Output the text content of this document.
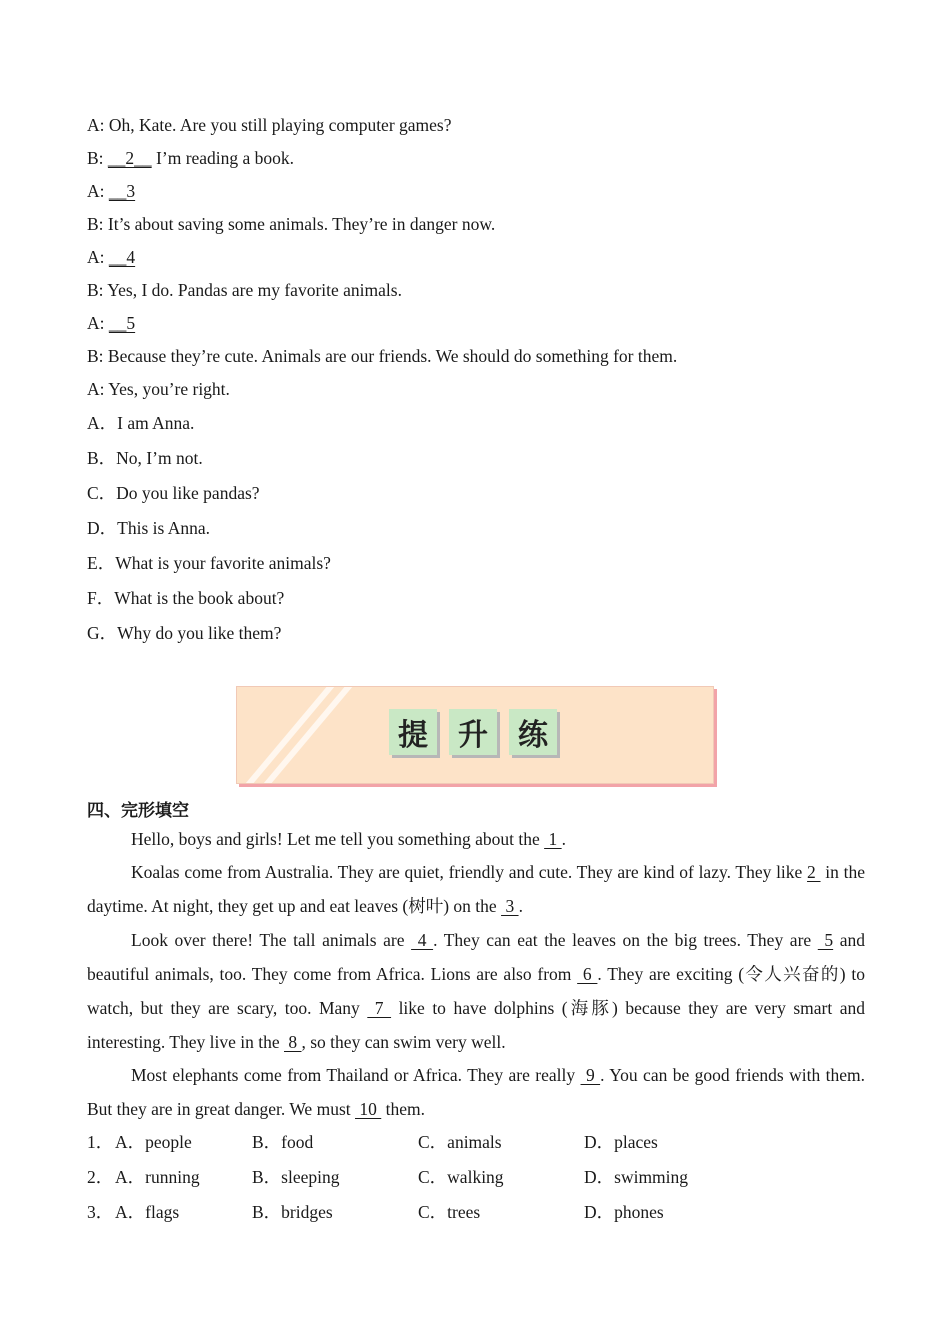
A: Oh, Kate. Are you still playing computer games?
B: __2__ I’m reading a book.
A: __3
B: It’s about saving some animals. They’re in danger now.
A: __4
B: Yes, I do. Pandas are my favorite animals.
A: __5
B: Because they’re cute. Animals are our friends. We should do something for them.
A: Yes, you’re right.
A．I am Anna.
B．No, I’m not.
C．Do you like pandas?
D．This is Anna.
E．What is your favorite animals?
F．What is the book about?
G．Why do you like them?
提	升	练
四、完形填空
Hello, boys and girls! Let me tell you something about the  1 .
Koalas come from Australia. They are quiet, friendly and cute. They are kind of lazy. They like 2  in the daytime. At night, they get up and eat leaves (树叶) on the  3 .
Look over there! The tall animals are  4 . They can eat the leaves on the big trees. They are  5 and beautiful animals, too. They come from Africa. Lions are also from  6 . They are exciting (令人兴奋的) to watch, but they are scary, too. Many  7  like to have dolphins (海豚) because they are very smart and interesting. They live in the  8 , so they can swim very well.
Most elephants come from Thailand or Africa. They are really  9 . You can be good friends with them. But they are in great danger. We must  10  them.
1． A．people	B．food	C．animals	D．places
2． A．running	B．sleeping	C．walking	D．swimming
3． A．flags	B．bridges	C．trees	D．phones
